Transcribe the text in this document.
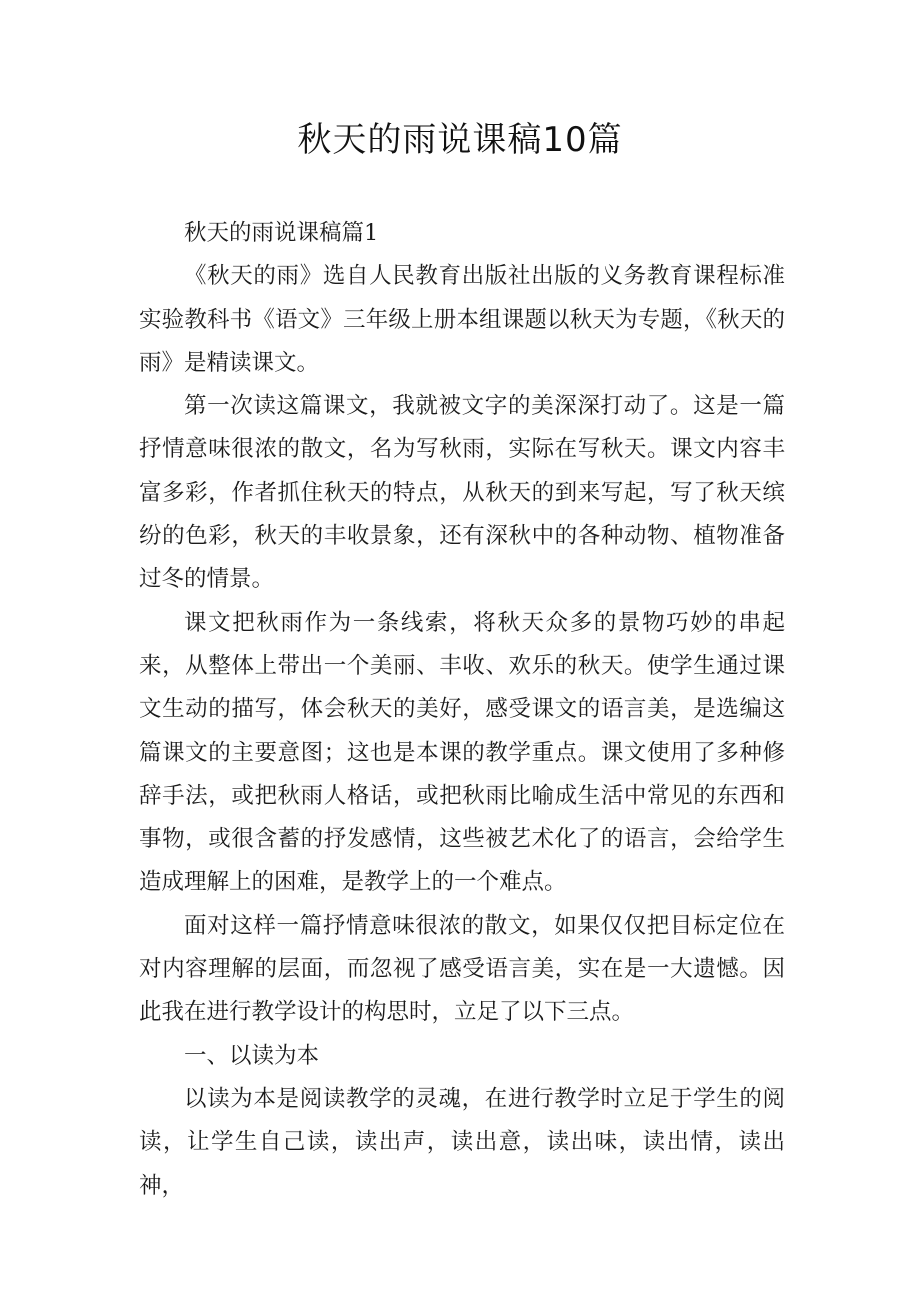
秋天的雨说课稿10篇

秋天的雨说课稿篇1

《秋天的雨》选自人民教育出版社出版的义务教育课程标准实验教科书《语文》三年级上册本组课题以秋天为专题，《秋天的雨》是精读课文。

第一次读这篇课文，我就被文字的美深深打动了。这是一篇抒情意味很浓的散文，名为写秋雨，实际在写秋天。课文内容丰富多彩，作者抓住秋天的特点，从秋天的到来写起，写了秋天缤纷的色彩，秋天的丰收景象，还有深秋中的各种动物、植物准备过冬的情景。

课文把秋雨作为一条线索，将秋天众多的景物巧妙的串起来，从整体上带出一个美丽、丰收、欢乐的秋天。使学生通过课文生动的描写，体会秋天的美好，感受课文的语言美，是选编这篇课文的主要意图；这也是本课的教学重点。课文使用了多种修辞手法，或把秋雨人格话，或把秋雨比喻成生活中常见的东西和事物，或很含蓄的抒发感情，这些被艺术化了的语言，会给学生造成理解上的困难，是教学上的一个难点。

面对这样一篇抒情意味很浓的散文，如果仅仅把目标定位在对内容理解的层面，而忽视了感受语言美，实在是一大遗憾。因此我在进行教学设计的构思时，立足了以下三点。

一、以读为本

以读为本是阅读教学的灵魂，在进行教学时立足于学生的阅读，让学生自己读，读出声，读出意，读出味，读出情，读出神，
